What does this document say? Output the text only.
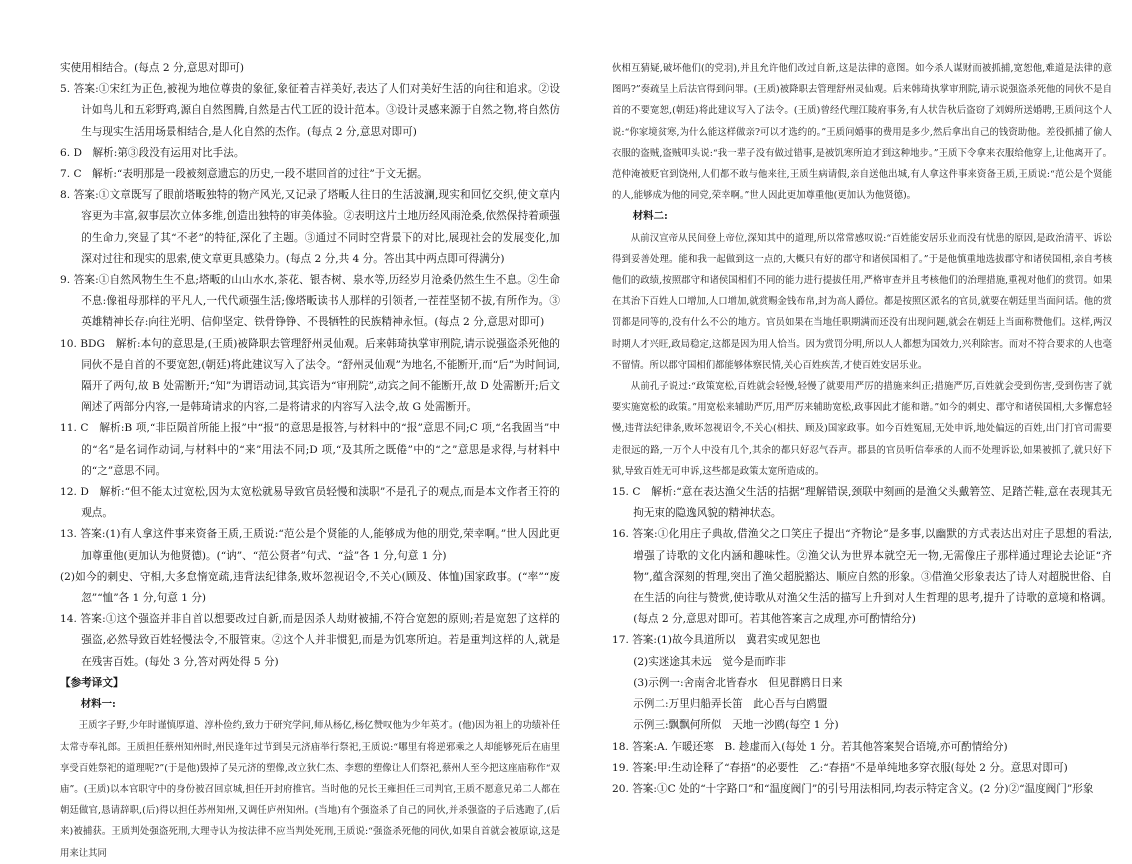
实使用相结合。(每点 2 分,意思对即可)

5. 答案:①宋红为正色,被视为地位尊贵的象征,象征着吉祥美好,表达了人们对美好生活的向往和追求。②设计如鸟儿和五彩野鸡,源自自然图腾,自然是古代工匠的设计范本。③设计灵感来源于自然之物,将自然仿生与现实生活用场景相结合,是人化自然的杰作。(每点 2 分,意思对即可)

6. D　解析:第③段没有运用对比手法。

7. C　解析:“表明那是一段被刻意遗忘的历史,一段不堪回首的过往”于文无据。

8. 答案:①文章既写了眼前塔畈独特的物产风光,又记录了塔畈人往日的生活波澜,现实和回忆交织,使文章内容更为丰富,叙事层次立体多维,创造出独特的审美体验。②表明这片土地历经风雨沧桑,依然保持着顽强的生命力,突显了其“不老”的特征,深化了主题。③通过不同时空背景下的对比,展现社会的发展变化,加深对过往和现实的思索,使文章更具感染力。(每点 2 分,共 4 分。答出其中两点即可得满分)

9. 答案:①自然风物生生不息;塔畈的山山水水,茶花、银杏树、泉水等,历经岁月沧桑仍然生生不息。②生命不息:像祖母那样的平凡人,一代代顽强生活;像塔畈读书人那样的引领者,一茬茬坚韧不拔,有所作为。③英雄精神长存:向往光明、信仰坚定、铁骨铮铮、不畏牺牲的民族精神永恒。(每点 2 分,意思对即可)

10. BDG　解析:本句的意思是,(王质)被降职去管理舒州灵仙观。后来韩琦执掌审刑院,请示说强盗杀死他的同伙不是自首的不要宽恕,(朝廷)将此建议写入了法令。“舒州灵仙观”为地名,不能断开,而“后”为时间词,隔开了两句,故 B 处需断开;“知”为谓语动词,其宾语为“审刑院”,动宾之间不能断开,故 D 处需断开;后文阐述了两部分内容,一是韩琦请求的内容,二是将请求的内容写入法令,故 G 处需断开。

11. C　解析:B 项,“非臣陨首所能上报”中“报”的意思是报答,与材料中的“报”意思不同;C 项,“名我固当”中的“名”是名词作动词,与材料中的“来”用法不同;D 项,“及其所之既倦”中的“之”意思是求得,与材料中的“之”意思不同。

12. D　解析:“但不能太过宽松,因为太宽松就易导致官员轻慢和渎职”不是孔子的观点,而是本文作者王符的观点。

13. 答案:(1)有人拿这件事来资备王质,王质说:“范公是个贤能的人,能够成为他的朋党,荣幸啊。”世人因此更加尊重他(更加认为他贤德)。(“讷”、“范公贤者”句式、“益”各 1 分,句意 1 分)

(2)如今的刺史、守相,大多怠惰宽疏,违背法纪律条,败坏忽视诏令,不关心(顾及、体恤)国家政事。(“率”“废忽”“恤”各 1 分,句意 1 分)

14. 答案:①这个强盗并非自首以想要改过自新,而是因杀人劫财被捕,不符合宽恕的原则;若是宽恕了这样的强盗,必然导致百姓轻慢法令,不服管束。②这个人并非惯犯,而是为饥寒所迫。若是重判这样的人,就是在残害百姓。(每处 3 分,答对两处得 5 分)

【参考译文】

材料一:

王质字子野,少年时谨慎厚道、淳朴俭约,致力于研究学问,师从杨亿,杨亿赞叹他为少年英才。(他)因为祖上的功绩补任太常寺奉礼郎。王质担任蔡州知州时,州民逢年过节到吴元济庙举行祭祀,王质说:“哪里有将逆邪乘之人却能够死后在庙里享受百姓祭祀的道理呢?”(于是他)毁掉了吴元济的塑像,改立狄仁杰、李愬的塑像让人们祭祀,蔡州人至今把这座庙称作“双庙”。(王质)以本官职守中的身份被召回京城,担任开封府推官。当时他的兄长王雍担任三司判官,王质不愿意兄弟二人都在朝廷做官,恳请辞职,(后)得以担任苏州知州,又调任庐州知州。(当地)有个强盗杀了自己的同伙,并杀强盗的子后逃跑了,(后来)被捕获。王质判处强盗死刑,大理寺认为按法律不应当判处死刑,王质说:“强盗杀死他的同伙,如果自首就会被原谅,这是用来让其同

伙相互猜疑,破坏他们(的党羽),并且允许他们改过自新,这是法律的意图。如今杀人谋财而被抓捕,宽恕他,难道是法律的意图吗?”奏疏呈上后法官得到问罪。(王质)被降职去管理舒州灵仙观。后来韩琦执掌审刑院,请示说强盗杀死他的同伙不是自首的不要宽恕,(朝廷)将此建议写入了法令。(王质)曾经代理江陵府事务,有人状告秋后盗窃了刘姆所送婚聘,王质问这个人说:“你家境贫寒,为什么能这样做亲?可以才选约的。”王质问婚事的费用是多少,然后拿出自己的钱资助他。差役抓捕了偷人衣服的盗贼,盗贼叩头说:“我一辈子没有做过错事,是被饥寒所迫才到这种地步。”王质下令拿来衣服给他穿上,让他离开了。范仲淹被贬官到饶州,人们都不敢与他来往,王质生病请假,亲自送他出城,有人拿这件事来资备王质,王质说:“范公是个贤能的人,能够成为他的同党,荣幸啊。”世人因此更加尊重他(更加认为他贤德)。

材料二:

从前汉宣帝从民间登上帝位,深知其中的道理,所以常常感叹说:“百姓能安居乐业而没有忧患的原因,是政治清平、诉讼得到妥善处理。能和我一起做到这一点的,大概只有好的郡守和诸侯国相了。”于是他慎重地选拔郡守和诸侯国相,亲自考核他们的政绩,按照郡守和诸侯国相们不同的能力进行提拔任用,严格审查并且考核他们的治理措施,重视对他们的赏罚。如果在其治下百姓人口增加,人口增加,就赏赐金钱布帛,封为高人爵位。都是按照区派名的官员,就要在朝廷里当面问话。他的赏罚都是同等的,没有什么不公的地方。官员如果在当地任职期满而还没有出现问题,就会在朝廷上当面称赞他们。这样,两汉时期人才兴旺,政局稳定,这都是因为用人恰当。因为赏罚分明,所以人人都想为国效力,兴利除害。而对不符合要求的人也毫不留情。所以郡守国相们都能够体察民情,关心百姓疾苦,才使百姓安居乐业。

从前孔子说过:“政策宽松,百姓就会轻慢,轻慢了就要用严厉的措施来纠正;措施严厉,百姓就会受到伤害,受到伤害了就要实施宽松的政策。”用宽松来辅助严厉,用严厉来辅助宽松,政事因此才能和谐。”如今的刺史、郡守和诸侯国相,大多懈怠轻慢,违背法纪律条,败坏忽视诏令,不关心(相扶、顾及)国家政事。如今百姓冤屈,无处申诉,地处偏远的百姓,出门打官司需要走很远的路,一万个人中没有几个,其余的都只好忍气吞声。郡县的官员听信奉承的人而不处理诉讼,如果被抓了,就只好下狱,导致百姓无可申诉,这些都是政策太宽所造成的。

15. C　解析:“意在表达渔父生活的拮据”理解错误,颈联中刻画的是渔父头戴箬笠、足踏芒鞋,意在表现其无拘无束的隐逸风貌的精神状态。

16. 答案:①化用庄子典故,借渔父之口笑庄子提出“齐物论”是多事,以幽默的方式表达出对庄子思想的看法,增强了诗歌的文化内涵和趣味性。②渔父认为世界本就空无一物,无需像庄子那样通过理论去论证“齐物”,蕴含深刻的哲理,突出了渔父超脱豁达、顺应自然的形象。③借渔父形象表达了诗人对超脱世俗、自在生活的向往与赞赏,使诗歌从对渔父生活的描写上升到对人生哲理的思考,提升了诗歌的意境和格调。(每点 2 分,意思对即可。若其他答案言之成理,亦可酌情给分)

17. 答案:(1)故今具道所以　冀君实或见恕也

(2)实迷途其未远　觉今是而昨非

(3)示例一:舍南舍北皆春水　但见群鸥日日来

示例二:万里归船弄长笛　此心吾与白鸥盟

示例三:飘飘何所似　天地一沙鸥(每空 1 分)

18. 答案:A. 乍暖还寒　B. 趁虚而入(每处 1 分。若其他答案契合语境,亦可酌情给分)

19. 答案:甲:生动诠释了“春捂”的必要性　乙:“春捂”不是单纯地多穿衣服(每处 2 分。意思对即可)

20. 答案:①C 处的“十字路口”和“温度阀门”的引号用法相同,均表示特定含义。(2 分)②“温度阀门”形象
